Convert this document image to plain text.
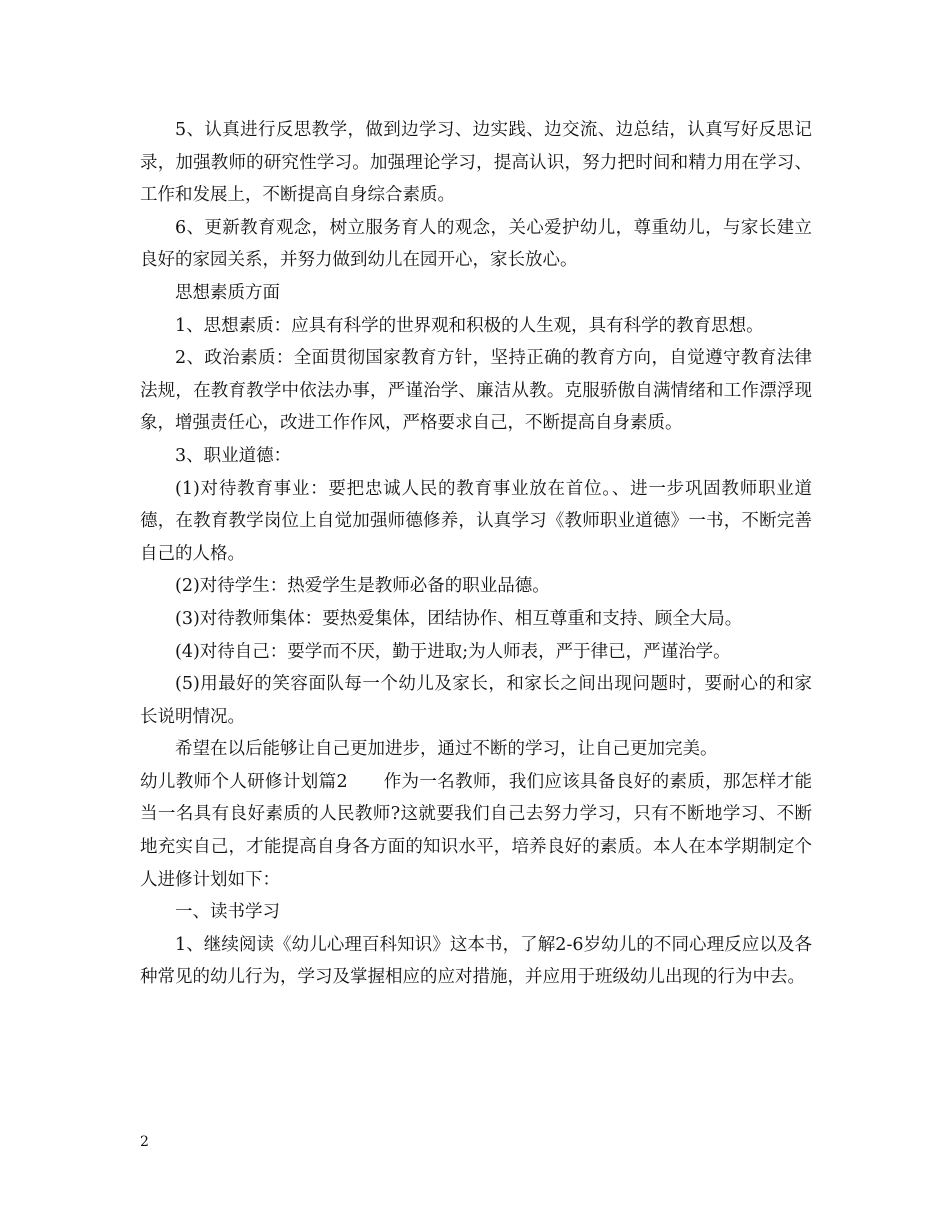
5、认真进行反思教学，做到边学习、边实践、边交流、边总结，认真写好反思记录，加强教师的研究性学习。加强理论学习，提高认识，努力把时间和精力用在学习、工作和发展上，不断提高自身综合素质。

6、更新教育观念，树立服务育人的观念，关心爱护幼儿，尊重幼儿，与家长建立良好的家园关系，并努力做到幼儿在园开心，家长放心。

思想素质方面

1、思想素质：应具有科学的世界观和积极的人生观，具有科学的教育思想。

2、政治素质：全面贯彻国家教育方针，坚持正确的教育方向，自觉遵守教育法律法规，在教育教学中依法办事，严谨治学、廉洁从教。克服骄傲自满情绪和工作漂浮现象，增强责任心，改进工作作风，严格要求自己，不断提高自身素质。

3、职业道德：

(1)对待教育事业：要把忠诚人民的教育事业放在首位。、进一步巩固教师职业道德，在教育教学岗位上自觉加强师德修养，认真学习《教师职业道德》一书，不断完善自己的人格。

(2)对待学生：热爱学生是教师必备的职业品德。

(3)对待教师集体：要热爱集体，团结协作、相互尊重和支持、顾全大局。

(4)对待自己：要学而不厌，勤于进取;为人师表，严于律已，严谨治学。

(5)用最好的笑容面队每一个幼儿及家长，和家长之间出现问题时，要耐心的和家长说明情况。

希望在以后能够让自己更加进步，通过不断的学习，让自己更加完美。

幼儿教师个人研修计划篇2　　作为一名教师，我们应该具备良好的素质，那怎样才能当一名具有良好素质的人民教师?这就要我们自己去努力学习，只有不断地学习、不断地充实自己，才能提高自身各方面的知识水平，培养良好的素质。本人在本学期制定个人进修计划如下：

一、读书学习

1、继续阅读《幼儿心理百科知识》这本书，了解2-6岁幼儿的不同心理反应以及各种常见的幼儿行为，学习及掌握相应的应对措施，并应用于班级幼儿出现的行为中去。

2
